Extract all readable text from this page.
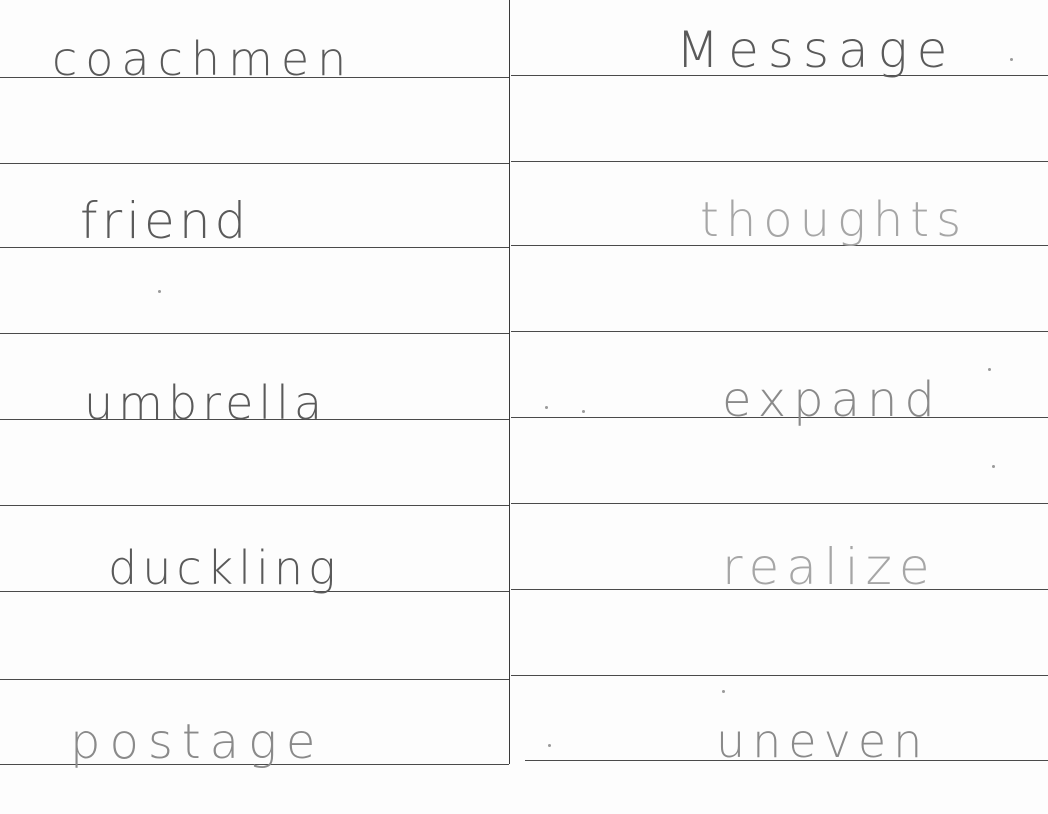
coachmen
friend
umbrella
duckling
postage
Message
thoughts
expand
realize
uneven
